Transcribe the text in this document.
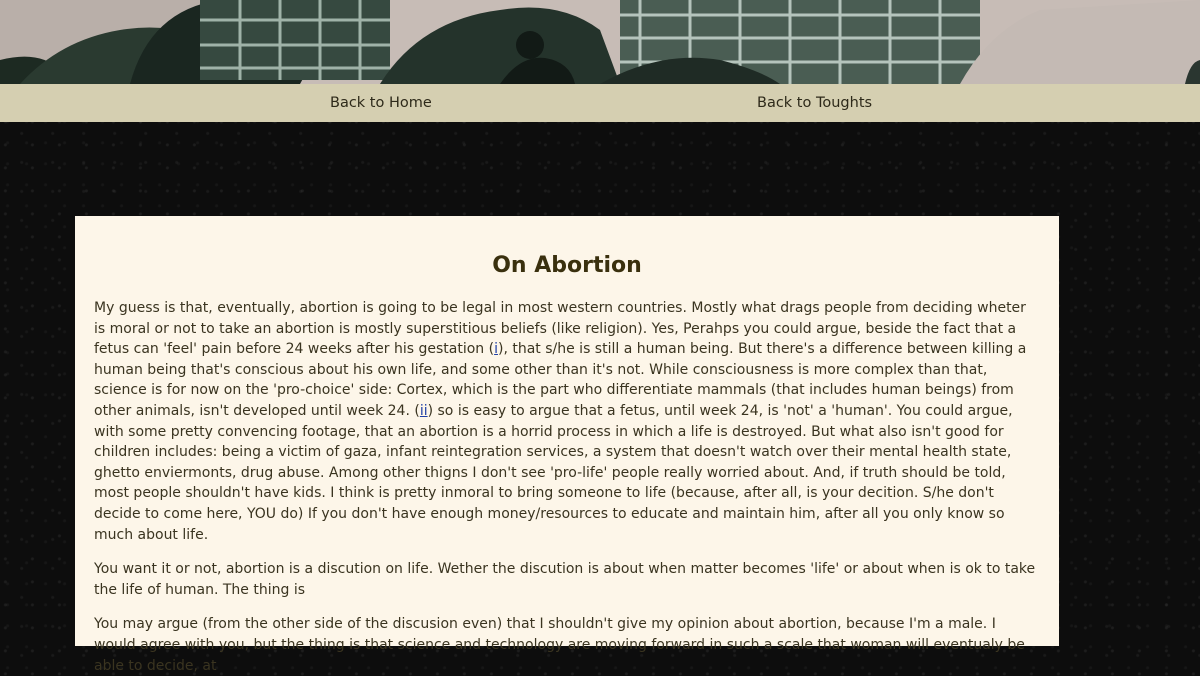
Back to Home	Back to Toughts
On Abortion

My guess is that, eventually, abortion is going to be legal in most western countries. Mostly what drags people from deciding wheter is moral or not to take an abortion is mostly superstitious beliefs (like religion). Yes, Perahps you could argue, beside the fact that a fetus can 'feel' pain before 24 weeks after his gestation (i), that s/he is still a human being. But there's a difference between killing a human being that's conscious about his own life, and some other than it's not. While consciousness is more complex than that, science is for now on the 'pro-choice' side: Cortex, which is the part who differentiate mammals (that includes human beings) from other animals, isn't developed until week 24. (ii) so is easy to argue that a fetus, until week 24, is 'not' a 'human'. You could argue, with some pretty convencing footage, that an abortion is a horrid process in which a life is destroyed. But what also isn't good for children includes: being a victim of gaza, infant reintegration services, a system that doesn't watch over their mental health state, ghetto enviermonts, drug abuse. Among other thigns I don't see 'pro-life' people really worried about. And, if truth should be told, most people shouldn't have kids. I think is pretty inmoral to bring someone to life (because, after all, is your decition. S/he don't decide to come here, YOU do) If you don't have enough money/resources to educate and maintain him, after all you only know so much about life.

You want it or not, abortion is a discution on life. Wether the discution is about when matter becomes 'life' or about when is ok to take the life of human. The thing is

You may argue (from the other side of the discusion even) that I shouldn't give my opinion about abortion, because I'm a male. I would agree with you, but the thing is that science and technology are moving forward in such a scale that woman will eventualy be able to decide, at
